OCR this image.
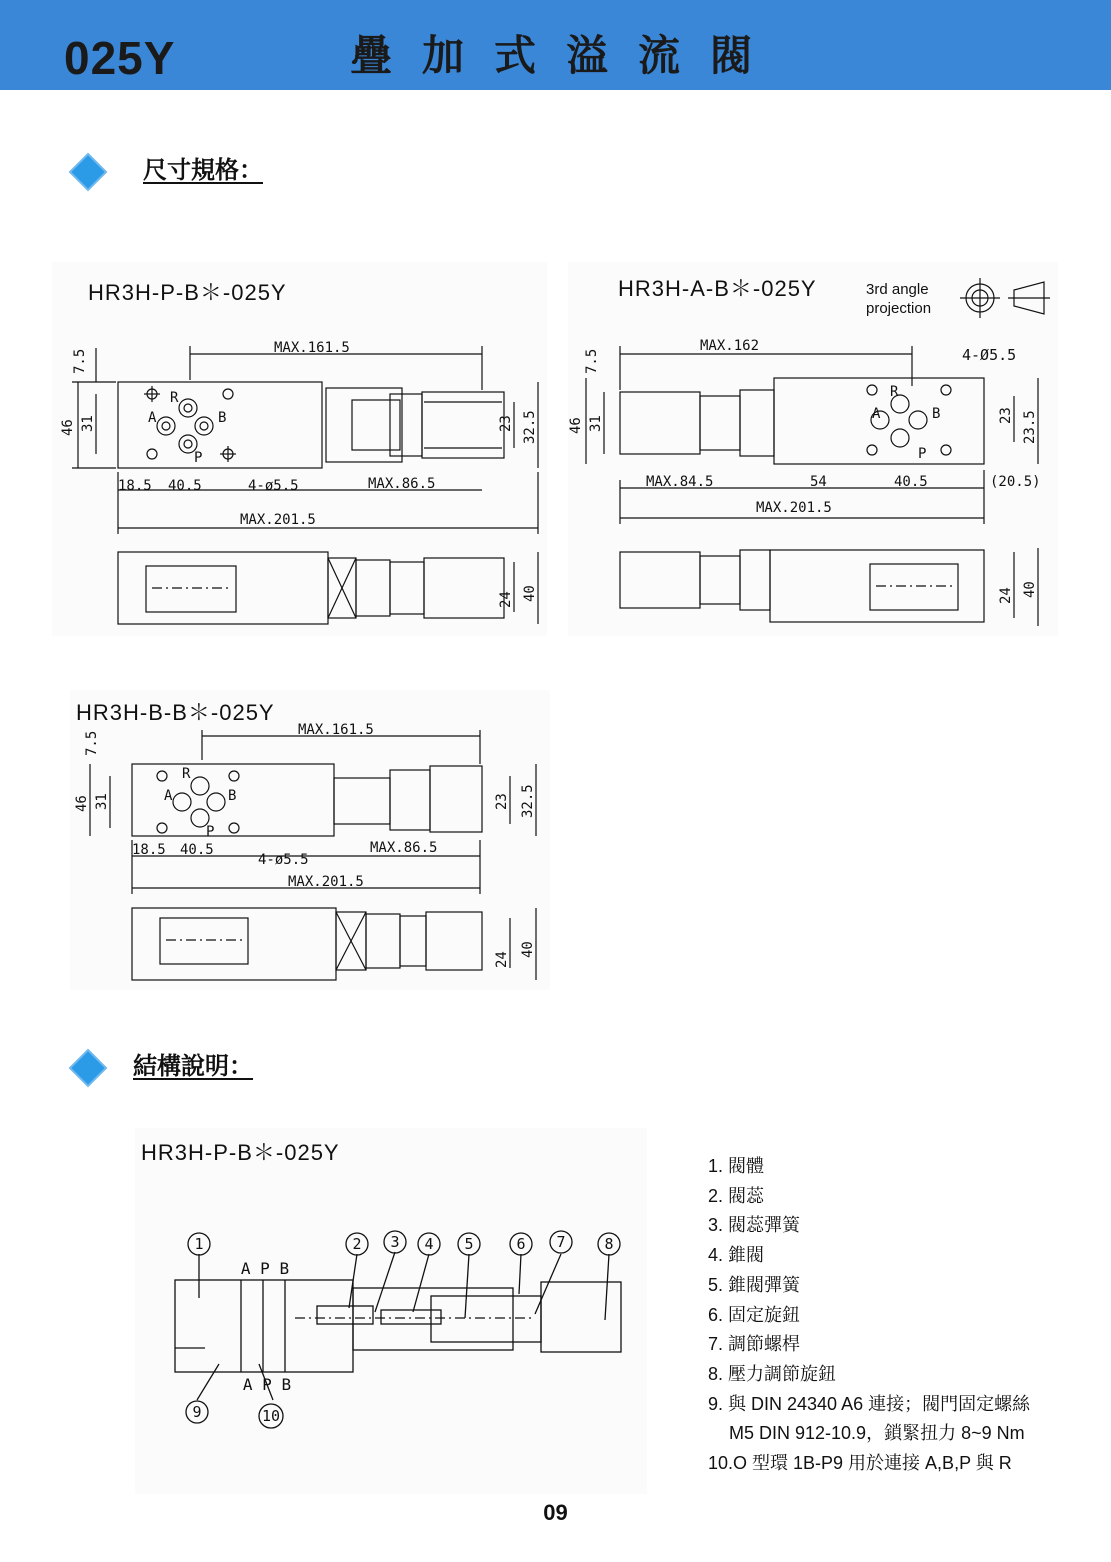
025Y	疊加式溢流閥
尺寸規格：
HR3H-P-B＊-025Y
MAX.161.5
7.5
46 31	23 32.5
18.5 40.5	4-ø5.5	MAX.86.5
MAX.201.5
24 40
R
A	B
P
HR3H-A-B＊-025Y	3rd angle
projection
MAX.162	4-Ø5.5
7.5
46 31	23 23.5
MAX.84.5	54	40.5	(20.5)
MAX.201.5
24 40
R
A	B
P
HR3H-B-B＊-025Y
MAX.161.5
7.5
46 31	23 32.5
18.5 40.5
4-ø5.5
MAX.86.5
MAX.201.5
24
40
R
A	B
P
結構說明：
HR3H-P-B＊-025Y
1	2 3 4 5	6 7	8
9	10
A P B
A P B
1. 閥體
2. 閥蕊
3. 閥蕊彈簧
4. 錐閥
5. 錐閥彈簧
6. 固定旋鈕
7. 調節螺桿
8. 壓力調節旋鈕
9. 與 DIN 24340 A6 連接；閥門固定螺絲
M5 DIN 912-10.9，鎖緊扭力 8~9 Nm
10.O 型環 1B-P9 用於連接 A,B,P 與 R
09
